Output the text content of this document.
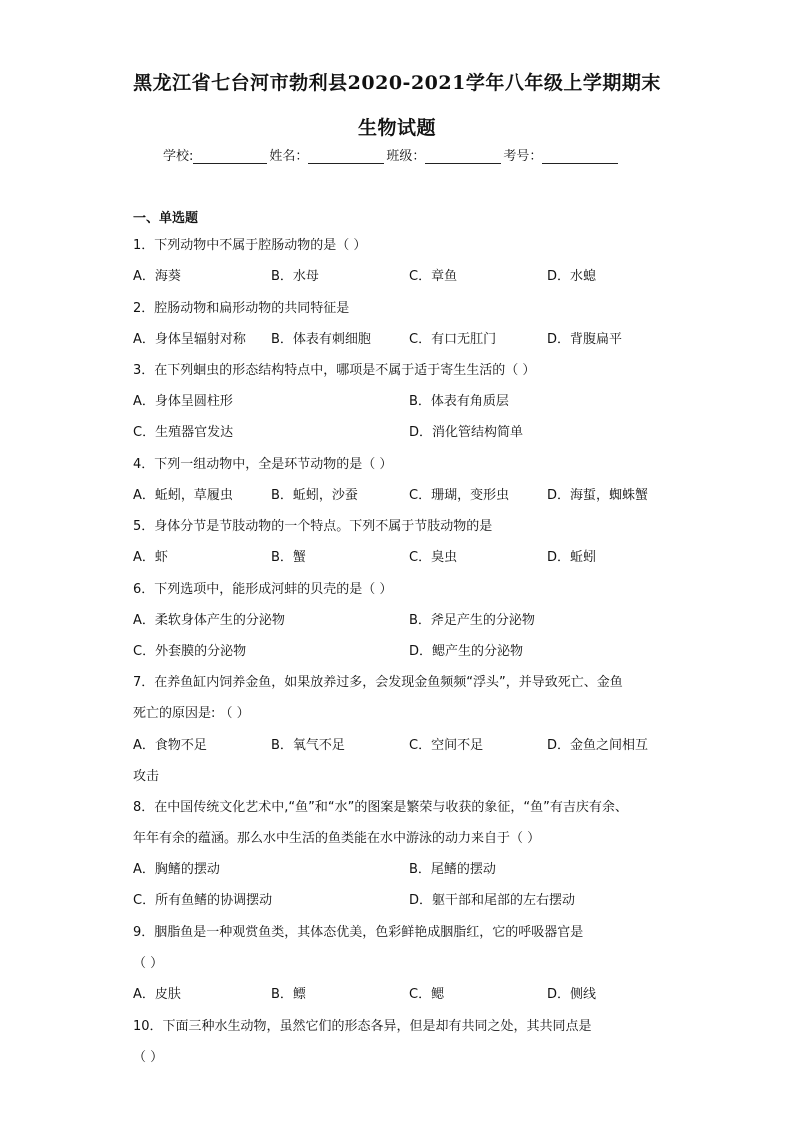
黑龙江省七台河市勃利县2020-2021学年八年级上学期期末
生物试题
学校:	姓名：	班级：	考号：
一、单选题
1．下列动物中不属于腔肠动物的是（ ）
A．海葵	B．水母	C．章鱼	D．水螅
2．腔肠动物和扁形动物的共同特征是
A．身体呈辐射对称 B．体表有刺细胞	C．有口无肛门	D．背腹扁平
3．在下列蛔虫的形态结构特点中，哪项是不属于适于寄生生活的（ ）
A．身体呈圆柱形	B．体表有角质层
C．生殖器官发达	D．消化管结构简单
4．下列一组动物中，全是环节动物的是（ ）
A．蚯蚓，草履虫	B．蚯蚓，沙蚕	C．珊瑚，变形虫	D．海蜇，蜘蛛蟹
5．身体分节是节肢动物的一个特点。下列不属于节肢动物的是
A．虾	B．蟹	C．臭虫	D．蚯蚓
6．下列选项中，能形成河蚌的贝壳的是（ ）
A．柔软身体产生的分泌物	B．斧足产生的分泌物
C．外套膜的分泌物	D．鳃产生的分泌物
7．在养鱼缸内饲养金鱼，如果放养过多，会发现金鱼频频“浮头”，并导致死亡、金鱼
死亡的原因是: （ ）
A．食物不足	B．氧气不足	C．空间不足	D．金鱼之间相互
攻击
8．在中国传统文化艺术中,“鱼”和“水”的图案是繁荣与收获的象征，“鱼”有吉庆有余、
年年有余的蕴涵。那么水中生活的鱼类能在水中游泳的动力来自于（ ）
A．胸鳍的摆动	B．尾鳍的摆动
C．所有鱼鳍的协调摆动	D．躯干部和尾部的左右摆动
9．胭脂鱼是一种观赏鱼类，其体态优美，色彩鲜艳成胭脂红，它的呼吸器官是
（ ）
A．皮肤	B．鳔	C．鳃	D．侧线
10．下面三种水生动物，虽然它们的形态各异，但是却有共同之处，其共同点是
（ ）
